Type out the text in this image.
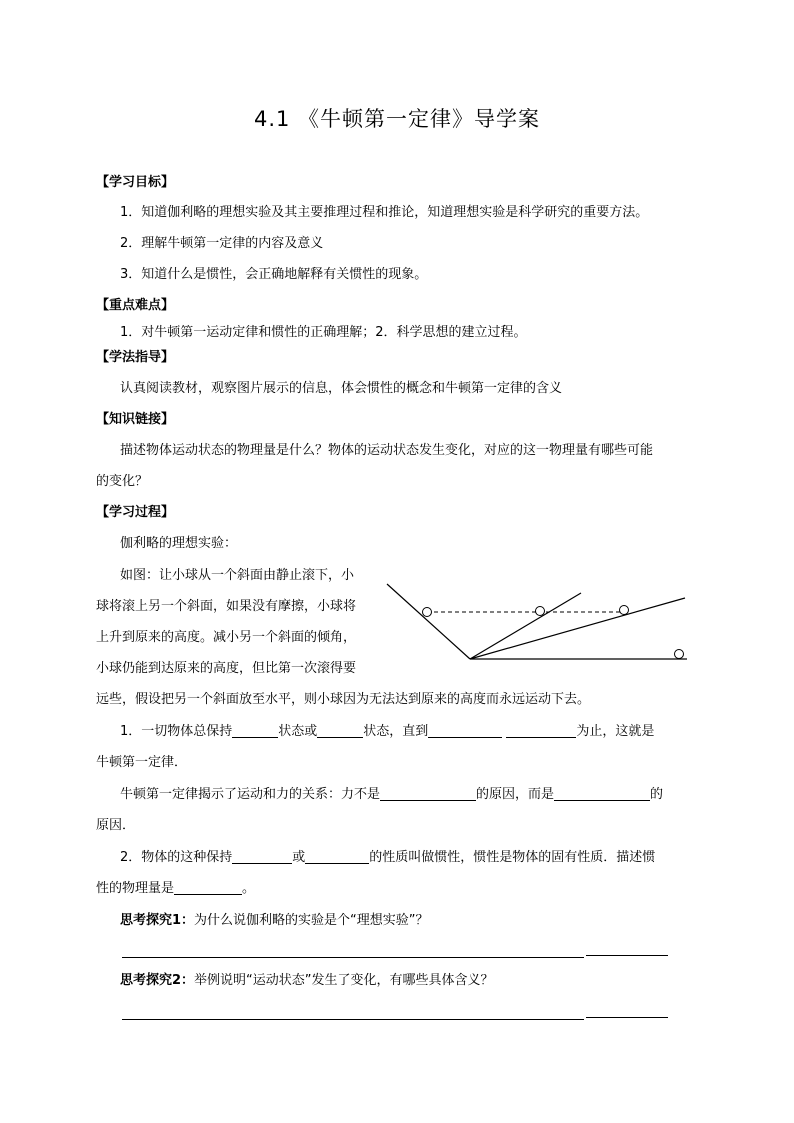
4.1 《牛顿第一定律》导学案
【学习目标】
1．知道伽利略的理想实验及其主要推理过程和推论，知道理想实验是科学研究的重要方法。
2．理解牛顿第一定律的内容及意义
3．知道什么是惯性，会正确地解释有关惯性的现象。
【重点难点】
1．对牛顿第一运动定律和惯性的正确理解；2．科学思想的建立过程。
【学法指导】
认真阅读教材，观察图片展示的信息，体会惯性的概念和牛顿第一定律的含义
【知识链接】
描述物体运动状态的物理量是什么？物体的运动状态发生变化，对应的这一物理量有哪些可能
的变化？
【学习过程】
伽利略的理想实验：
如图：让小球从一个斜面由静止滚下，小
球将滚上另一个斜面，如果没有摩擦，小球将
上升到原来的高度。减小另一个斜面的倾角，
小球仍能到达原来的高度，但比第一次滚得要
远些，假设把另一个斜面放至水平，则小球因为无法达到原来的高度而永远运动下去。
1．一切物体总保持	状态或	状态，直到	为止，这就是
牛顿第一定律．
牛顿第一定律揭示了运动和力的关系：力不是	的原因，而是	的
原因．
2．物体的这种保持	或	的性质叫做惯性，惯性是物体的固有性质．描述惯
性的物理量是	。
思考探究1：为什么说伽利略的实验是个“理想实验”？
思考探究2：举例说明“运动状态”发生了变化，有哪些具体含义？
